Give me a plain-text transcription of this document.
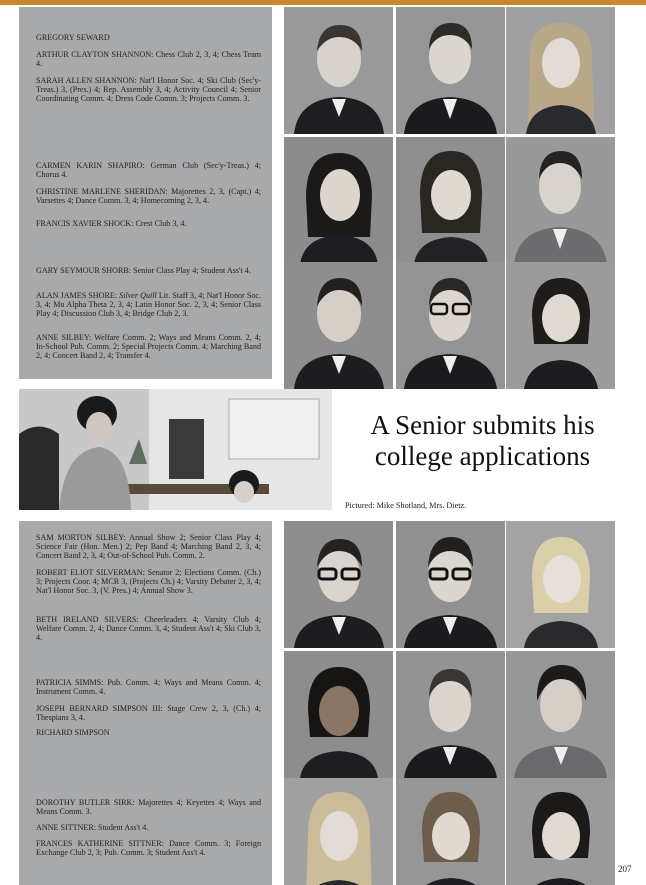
GREGORY SEWARD
ARTHUR CLAYTON SHANNON: Chess Club 2, 3, 4; Chess Team 4.
SARAH ALLEN SHANNON: Nat'l Honor Soc. 4; Ski Club (Sec'y-Treas.) 3, (Pres.) 4; Rep. Assembly 3, 4; Activity Council 4; Senior Coordinating Comm. 4; Dress Code Comm. 3; Projects Comm. 3.
CARMEN KARIN SHAPIRO: German Club (Sec'y-Treas.) 4; Chorus 4.
CHRISTINE MARLENE SHERIDAN: Majorettes 2, 3, (Capt.) 4; Varsettes 4; Dance Comm. 3, 4; Homecoming 2, 3, 4.
FRANCIS XAVIER SHOCK: Crest Club 3, 4.
GARY SEYMOUR SHORB: Senior Class Play 4; Student Ass't 4.
ALAN JAMES SHORE: Silver Quill Lit. Staff 3, 4; Nat'l Honor Soc. 3, 4; Mu Alpha Theta 2, 3, 4; Latin Honor Soc. 2, 3, 4; Senior Class Play 4; Discussion Club 3, 4; Bridge Club 2, 3.
ANNE SILBEY: Welfare Comm. 2; Ways and Means Comm. 2, 4; In-School Pub. Comm. 2; Special Projects Comm. 4; Marching Band 2, 4; Concert Band 2, 4; Transfer 4.
SAM MORTON SILBEY: Annual Show 2; Senior Class Play 4; Science Fair (Hon. Men.) 2; Pep Band 4; Marching Band 2, 3, 4; Concert Band 2, 3, 4; Out-of-School Pub. Comm. 2.
ROBERT ELIOT SILVERMAN: Senator 2; Elections Comm. (Ch.) 3; Projects Coor. 4; MCR 3, (Projects Ch.) 4; Varsity Debater 2, 3, 4; Nat'l Honor Soc. 3, (V. Pres.) 4; Annual Show 3.
BETH IRELAND SILVERS: Cheerleaders 4; Varsity Club 4; Welfare Comm. 2, 4; Dance Comm. 3, 4; Student Ass't 4; Ski Club 3, 4.
PATRICIA SIMMS: Pub. Comm. 4; Ways and Means Comm. 4; Instrument Comm. 4.
JOSEPH BERNARD SIMPSON III: Stage Crew 2, 3, (Ch.) 4; Thespians 3, 4.
RICHARD SIMPSON
DOROTHY BUTLER SIRK: Majorettes 4; Keyettes 4; Ways and Means Comm. 3.
ANNE SITTNER: Student Ass't 4.
FRANCES KATHERINE SITTNER: Dance Comm. 3; Foreign Exchange Club 2, 3; Pub. Comm. 3; Student Ass't 4.
A Senior submits his
college applications
Pictured: Mike Shotland, Mrs. Dietz.
207
